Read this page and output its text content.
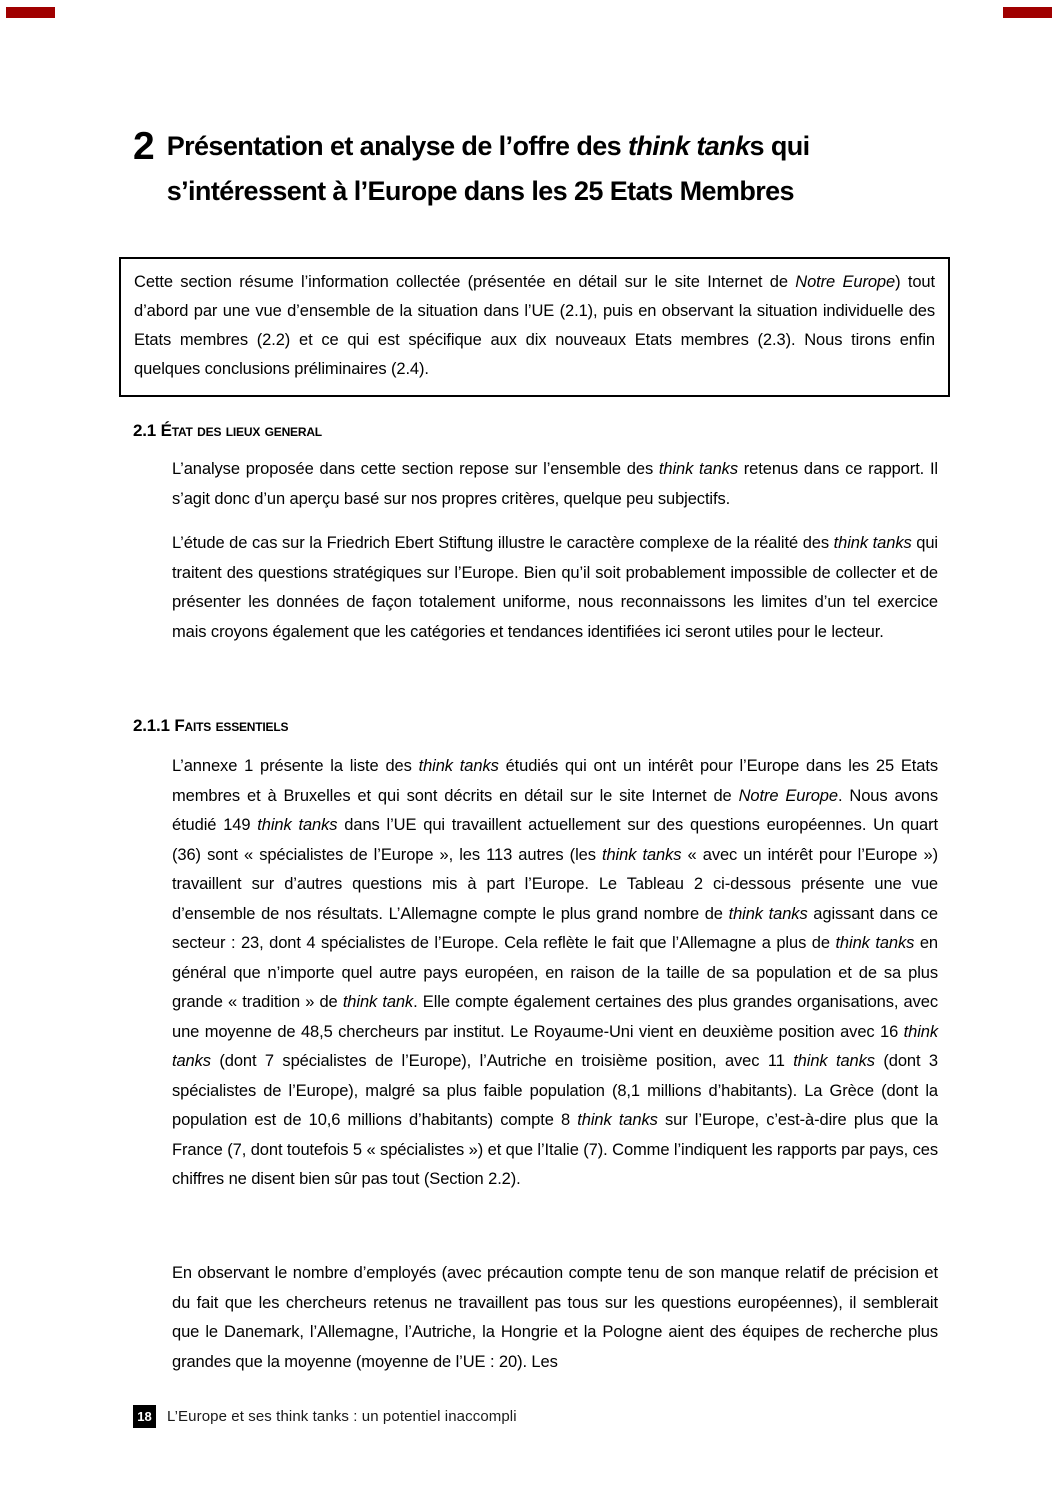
2 Présentation et analyse de l’offre des think tanks qui
s’intéressent à l’Europe dans les 25 Etats Membres
Cette section résume l’information collectée (présentée en détail sur le site Internet de Notre Europe) tout d’abord par une vue d’ensemble de la situation dans l’UE (2.1), puis en observant la situation individuelle des Etats membres (2.2) et ce qui est spécifique aux dix nouveaux Etats membres (2.3). Nous tirons enfin quelques conclusions préliminaires (2.4).
2.1 État des lieux general
L’analyse proposée dans cette section repose sur l’ensemble des think tanks retenus dans ce rapport. Il s’agit donc d’un aperçu basé sur nos propres critères, quelque peu subjectifs.
L’étude de cas sur la Friedrich Ebert Stiftung illustre le caractère complexe de la réalité des think tanks qui traitent des questions stratégiques sur l’Europe. Bien qu’il soit probablement impossible de collecter et de présenter les données de façon totalement uniforme, nous reconnaissons les limites d’un tel exercice mais croyons également que les catégories et tendances identifiées ici seront utiles pour le lecteur.
2.1.1 Faits essentiels
L’annexe 1 présente la liste des think tanks étudiés qui ont un intérêt pour l’Europe dans les 25 Etats membres et à Bruxelles et qui sont décrits en détail sur le site Internet de Notre Europe. Nous avons étudié 149 think tanks dans l’UE qui travaillent actuellement sur des questions européennes. Un quart (36) sont « spécialistes de l’Europe », les 113 autres (les think tanks « avec un intérêt pour l’Europe ») travaillent sur d’autres questions mis à part l’Europe. Le Tableau 2 ci-dessous présente une vue d’ensemble de nos résultats. L’Allemagne compte le plus grand nombre de think tanks agissant dans ce secteur : 23, dont 4 spécialistes de l’Europe. Cela reflète le fait que l’Allemagne a plus de think tanks en général que n’importe quel autre pays européen, en raison de la taille de sa population et de sa plus grande « tradition » de think tank. Elle compte également certaines des plus grandes organisations, avec une moyenne de 48,5 chercheurs par institut. Le Royaume-Uni vient en deuxième position avec 16 think tanks (dont 7 spécialistes de l’Europe), l’Autriche en troisième position, avec 11 think tanks (dont 3 spécialistes de l’Europe), malgré sa plus faible population (8,1 millions d’habitants). La Grèce (dont la population est de 10,6 millions d’habitants) compte 8 think tanks sur l’Europe, c’est-à-dire plus que la France (7, dont toutefois 5 « spécialistes ») et que l’Italie (7). Comme l’indiquent les rapports par pays, ces chiffres ne disent bien sûr pas tout (Section 2.2).
En observant le nombre d’employés (avec précaution compte tenu de son manque relatif de précision et du fait que les chercheurs retenus ne travaillent pas tous sur les questions européennes), il semblerait que le Danemark, l’Allemagne, l’Autriche, la Hongrie et la Pologne aient des équipes de recherche plus grandes que la moyenne (moyenne de l’UE : 20). Les
18 L’Europe et ses think tanks : un potentiel inaccompli
